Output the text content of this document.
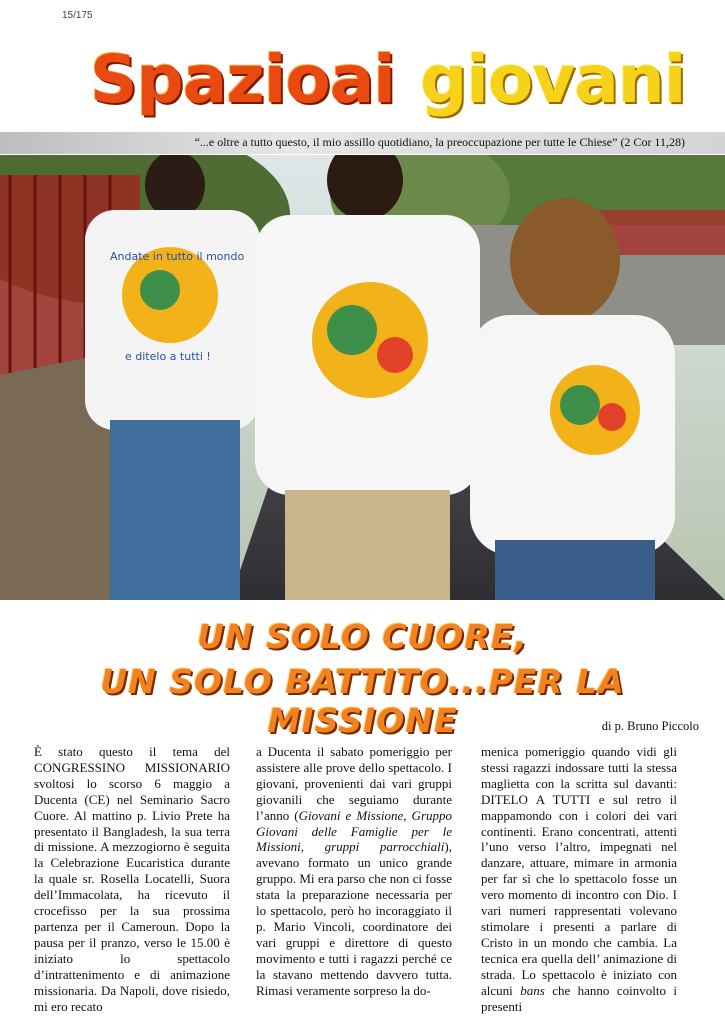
15/175
Spazioai giovani
“...e oltre a tutto questo, il mio assillo quotidiano, la preoccupazione per tutte le Chiese” (2 Cor 11,28)
Andate in tutto il mondo
e ditelo a tutti !
UN SOLO CUORE,
UN SOLO BATTITO...PER LA MISSIONE	di p. Bruno Piccolo

È stato questo il tema del CONGRESSINO MISSIONARIO svoltosi lo scorso 6 maggio a Ducenta (CE) nel Seminario Sacro Cuore. Al mattino p. Livio Prete ha presentato il Bangladesh, la sua terra di missione. A mezzogiorno è seguita la Celebrazione Eucaristica durante la quale sr. Rosella Locatelli, Suora dell’Immacolata, ha ricevuto il crocefisso per la sua prossima partenza per il Cameroun. Dopo la pausa per il pranzo, verso le 15.00 è iniziato lo spettacolo d’intrattenimento e di animazione missionaria. Da Napoli, dove risiedo, mi ero recato

a Ducenta il sabato pomeriggio per assistere alle prove dello spettacolo. I giovani, provenienti dai vari gruppi giovanili che seguiamo durante l’anno (Giovani e Missione, Gruppo Giovani delle Famiglie per le Missioni, gruppi parrocchiali), avevano formato un unico grande gruppo. Mi era parso che non ci fosse stata la preparazione necessaria per lo spettacolo, però ho incoraggiato il p. Mario Vincoli, coordinatore dei vari gruppi e direttore di questo movimento e tutti i ragazzi perché ce la stavano mettendo davvero tutta. Rimasi veramente sorpreso la do-

menica pomeriggio quando vidi gli stessi ragazzi indossare tutti la stessa maglietta con la scritta sul davanti: DITELO A TUTTI e sul retro il mappamondo con i colori dei vari continenti. Erano concentrati, attenti l’uno verso l’altro, impegnati nel danzare, attuare, mimare in armonia per far sì che lo spettacolo fosse un vero momento di incontro con Dio. I vari numeri rappresentati volevano stimolare i presenti a parlare di Cristo in un mondo che cambia. La tecnica era quella dell’ animazione di strada. Lo spettacolo è iniziato con alcuni bans che hanno coinvolto i presenti
